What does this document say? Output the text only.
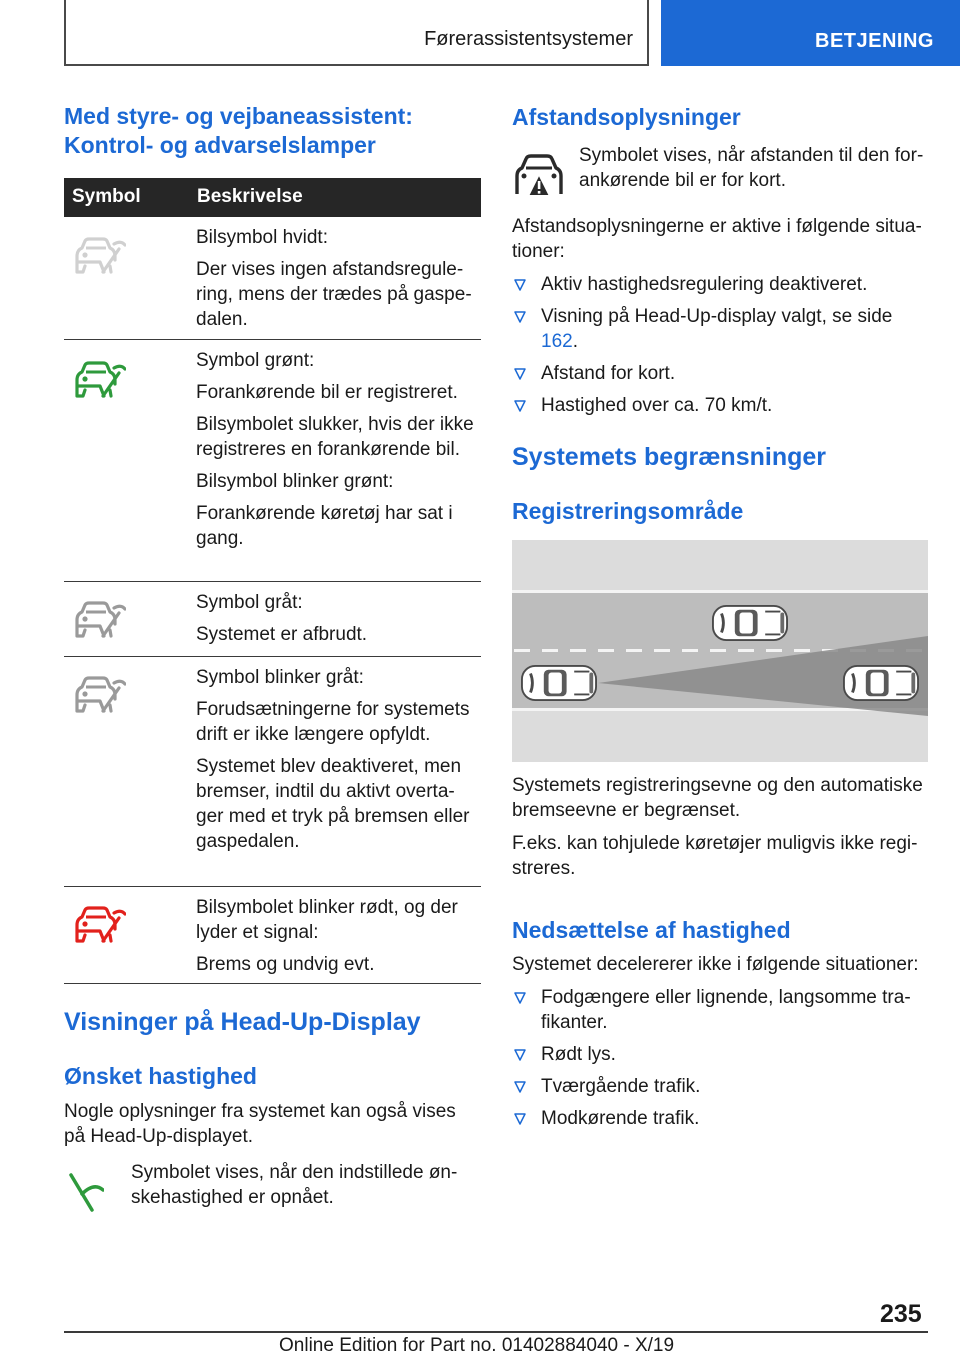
Førerassistentsystemer	BETJENING
Med styre- og vejbaneassistent: Kontrol- og advarselslamper
Symbol	Beskrivelse

Bilsymbol hvidt:

Der vises ingen afstandsregulering, mens der trædes på gaspedalen.

Symbol grønt:

Forankørende bil er registreret.

Bilsymbolet slukker, hvis der ikke registreres en forankørende bil.

Bilsymbol blinker grønt:

Forankørende køretøj har sat i gang.

Symbol gråt:

Systemet er afbrudt.

Symbol blinker gråt:

Forudsætningerne for systemets drift er ikke længere opfyldt.

Systemet blev deaktiveret, men bremser, indtil du aktivt overtager med et tryk på bremsen eller gaspedalen.

Bilsymbolet blinker rødt, og der lyder et signal:

Brems og undvig evt.

Visninger på Head-Up-Display
Ønsket hastighed

Nogle oplysninger fra systemet kan også vises på Head-Up-displayet.

Symbolet vises, når den indstillede ønskehastighed er opnået.

Afstandsoplysninger

Symbolet vises, når afstanden til den forankørende bil er for kort.

Afstandsoplysningerne er aktive i følgende situationer:

Aktiv hastighedsregulering deaktiveret.
Visning på Head-Up-display valgt, se side 162.
Afstand for kort.
Hastighed over ca. 70 km/t.
Systemets begrænsninger
Registreringsområde

Systemets registreringsevne og den automatiske bremseevne er begrænset.

F.eks. kan tohjulede køretøjer muligvis ikke registreres.

Nedsættelse af hastighed

Systemet decelererer ikke i følgende situationer:

Fodgængere eller lignende, langsomme trafikanter.
Rødt lys.
Tværgående trafik.
Modkørende trafik.
235
Online Edition for Part no. 01402884040 - X/19
